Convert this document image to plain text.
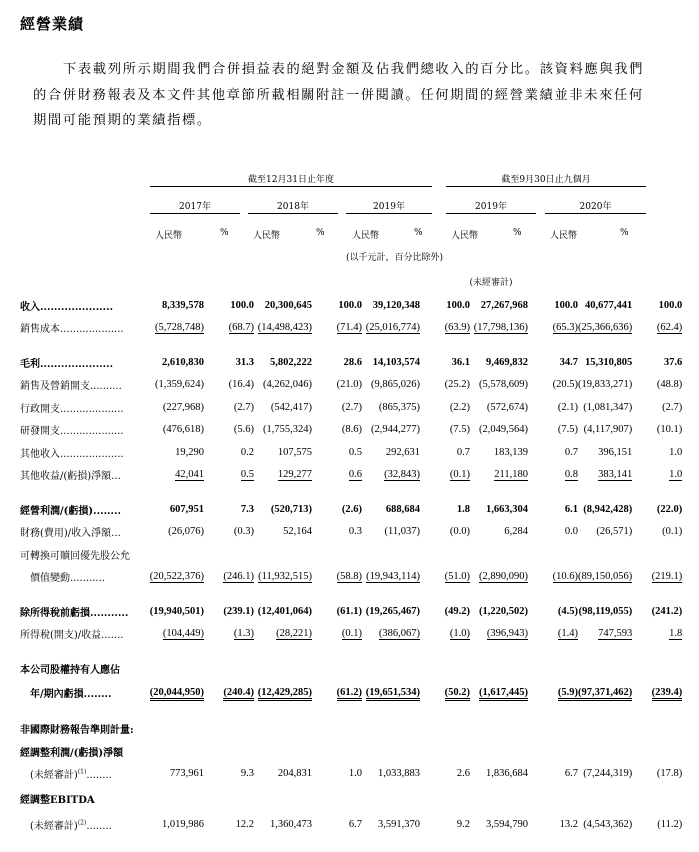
經營業績
下表載列所示期間我們合併損益表的絕對金額及佔我們總收入的百分比。該資料應與我們的合併財務報表及本文件其他章節所載相關附註一併閱讀。任何期間的經營業績並非未來任何期間可能預期的業績指標。
截至12月31日止年度	截至9月30日止九個月
2017年	2018年	2019年	2019年	2020年
人民幣	%	人民幣	%	人民幣	%	人民幣	%	人民幣	%
(以千元計，百分比除外)
(未經審計)
收入.....................	8,339,578	100.0	20,300,645	100.0	39,120,348	100.0	27,267,968	100.0	40,677,441	100.0
銷售成本....................	(5,728,748)	(68.7)	(14,498,423)	(71.4)	(25,016,774)	(63.9)	(17,798,136)	(65.3)	(25,366,636)	(62.4)

毛利.....................	2,610,830	31.3	5,802,222	28.6	14,103,574	36.1	9,469,832	34.7	15,310,805	37.6
銷售及營銷開支..........	(1,359,624)	(16.4)	(4,262,046)	(21.0)	(9,865,026)	(25.2)	(5,578,609)	(20.5)	(19,833,271)	(48.8)
行政開支....................	(227,968)	(2.7)	(542,417)	(2.7)	(865,375)	(2.2)	(572,674)	(2.1)	(1,081,347)	(2.7)
研發開支....................	(476,618)	(5.6)	(1,755,324)	(8.6)	(2,944,277)	(7.5)	(2,049,564)	(7.5)	(4,117,907)	(10.1)
其他收入....................	19,290	0.2	107,575	0.5	292,631	0.7	183,139	0.7	396,151	1.0
其他收益/(虧損)淨額...	42,041	0.5	129,277	0.6	(32,843)	(0.1)	211,180	0.8	383,141	1.0

經營利潤/(虧損)........	607,951	7.3	(520,713)	(2.6)	688,684	1.8	1,663,304	6.1	(8,942,428)	(22.0)
財務(費用)/收入淨額...	(26,076)	(0.3)	52,164	0.3	(11,037)	(0.0)	6,284	0.0	(26,571)	(0.1)
可轉換可贖回優先股公允										
　價值變動...........	(20,522,376)	(246.1)	(11,932,515)	(58.8)	(19,943,114)	(51.0)	(2,890,090)	(10.6)	(89,150,056)	(219.1)

除所得稅前虧損...........	(19,940,501)	(239.1)	(12,401,064)	(61.1)	(19,265,467)	(49.2)	(1,220,502)	(4.5)	(98,119,055)	(241.2)
所得稅(開支)/收益.......	(104,449)	(1.3)	(28,221)	(0.1)	(386,067)	(1.0)	(396,943)	(1.4)	747,593	1.8

本公司股權持有人應佔										
　年/期內虧損........	(20,044,950)	(240.4)	(12,429,285)	(61.2)	(19,651,534)	(50.2)	(1,617,445)	(5.9)	(97,371,462)	(239.4)

非國際財務報告準則計量:										
經調整利潤/(虧損)淨額										
　(未經審計)$^{(1)}$........	773,961	9.3	204,831	1.0	1,033,883	2.6	1,836,684	6.7	(7,244,319)	(17.8)
經調整EBITDA										
　(未經審計)$^{(2)}$........	1,019,986	12.2	1,360,473	6.7	3,591,370	9.2	3,594,790	13.2	(4,543,362)	(11.2)
